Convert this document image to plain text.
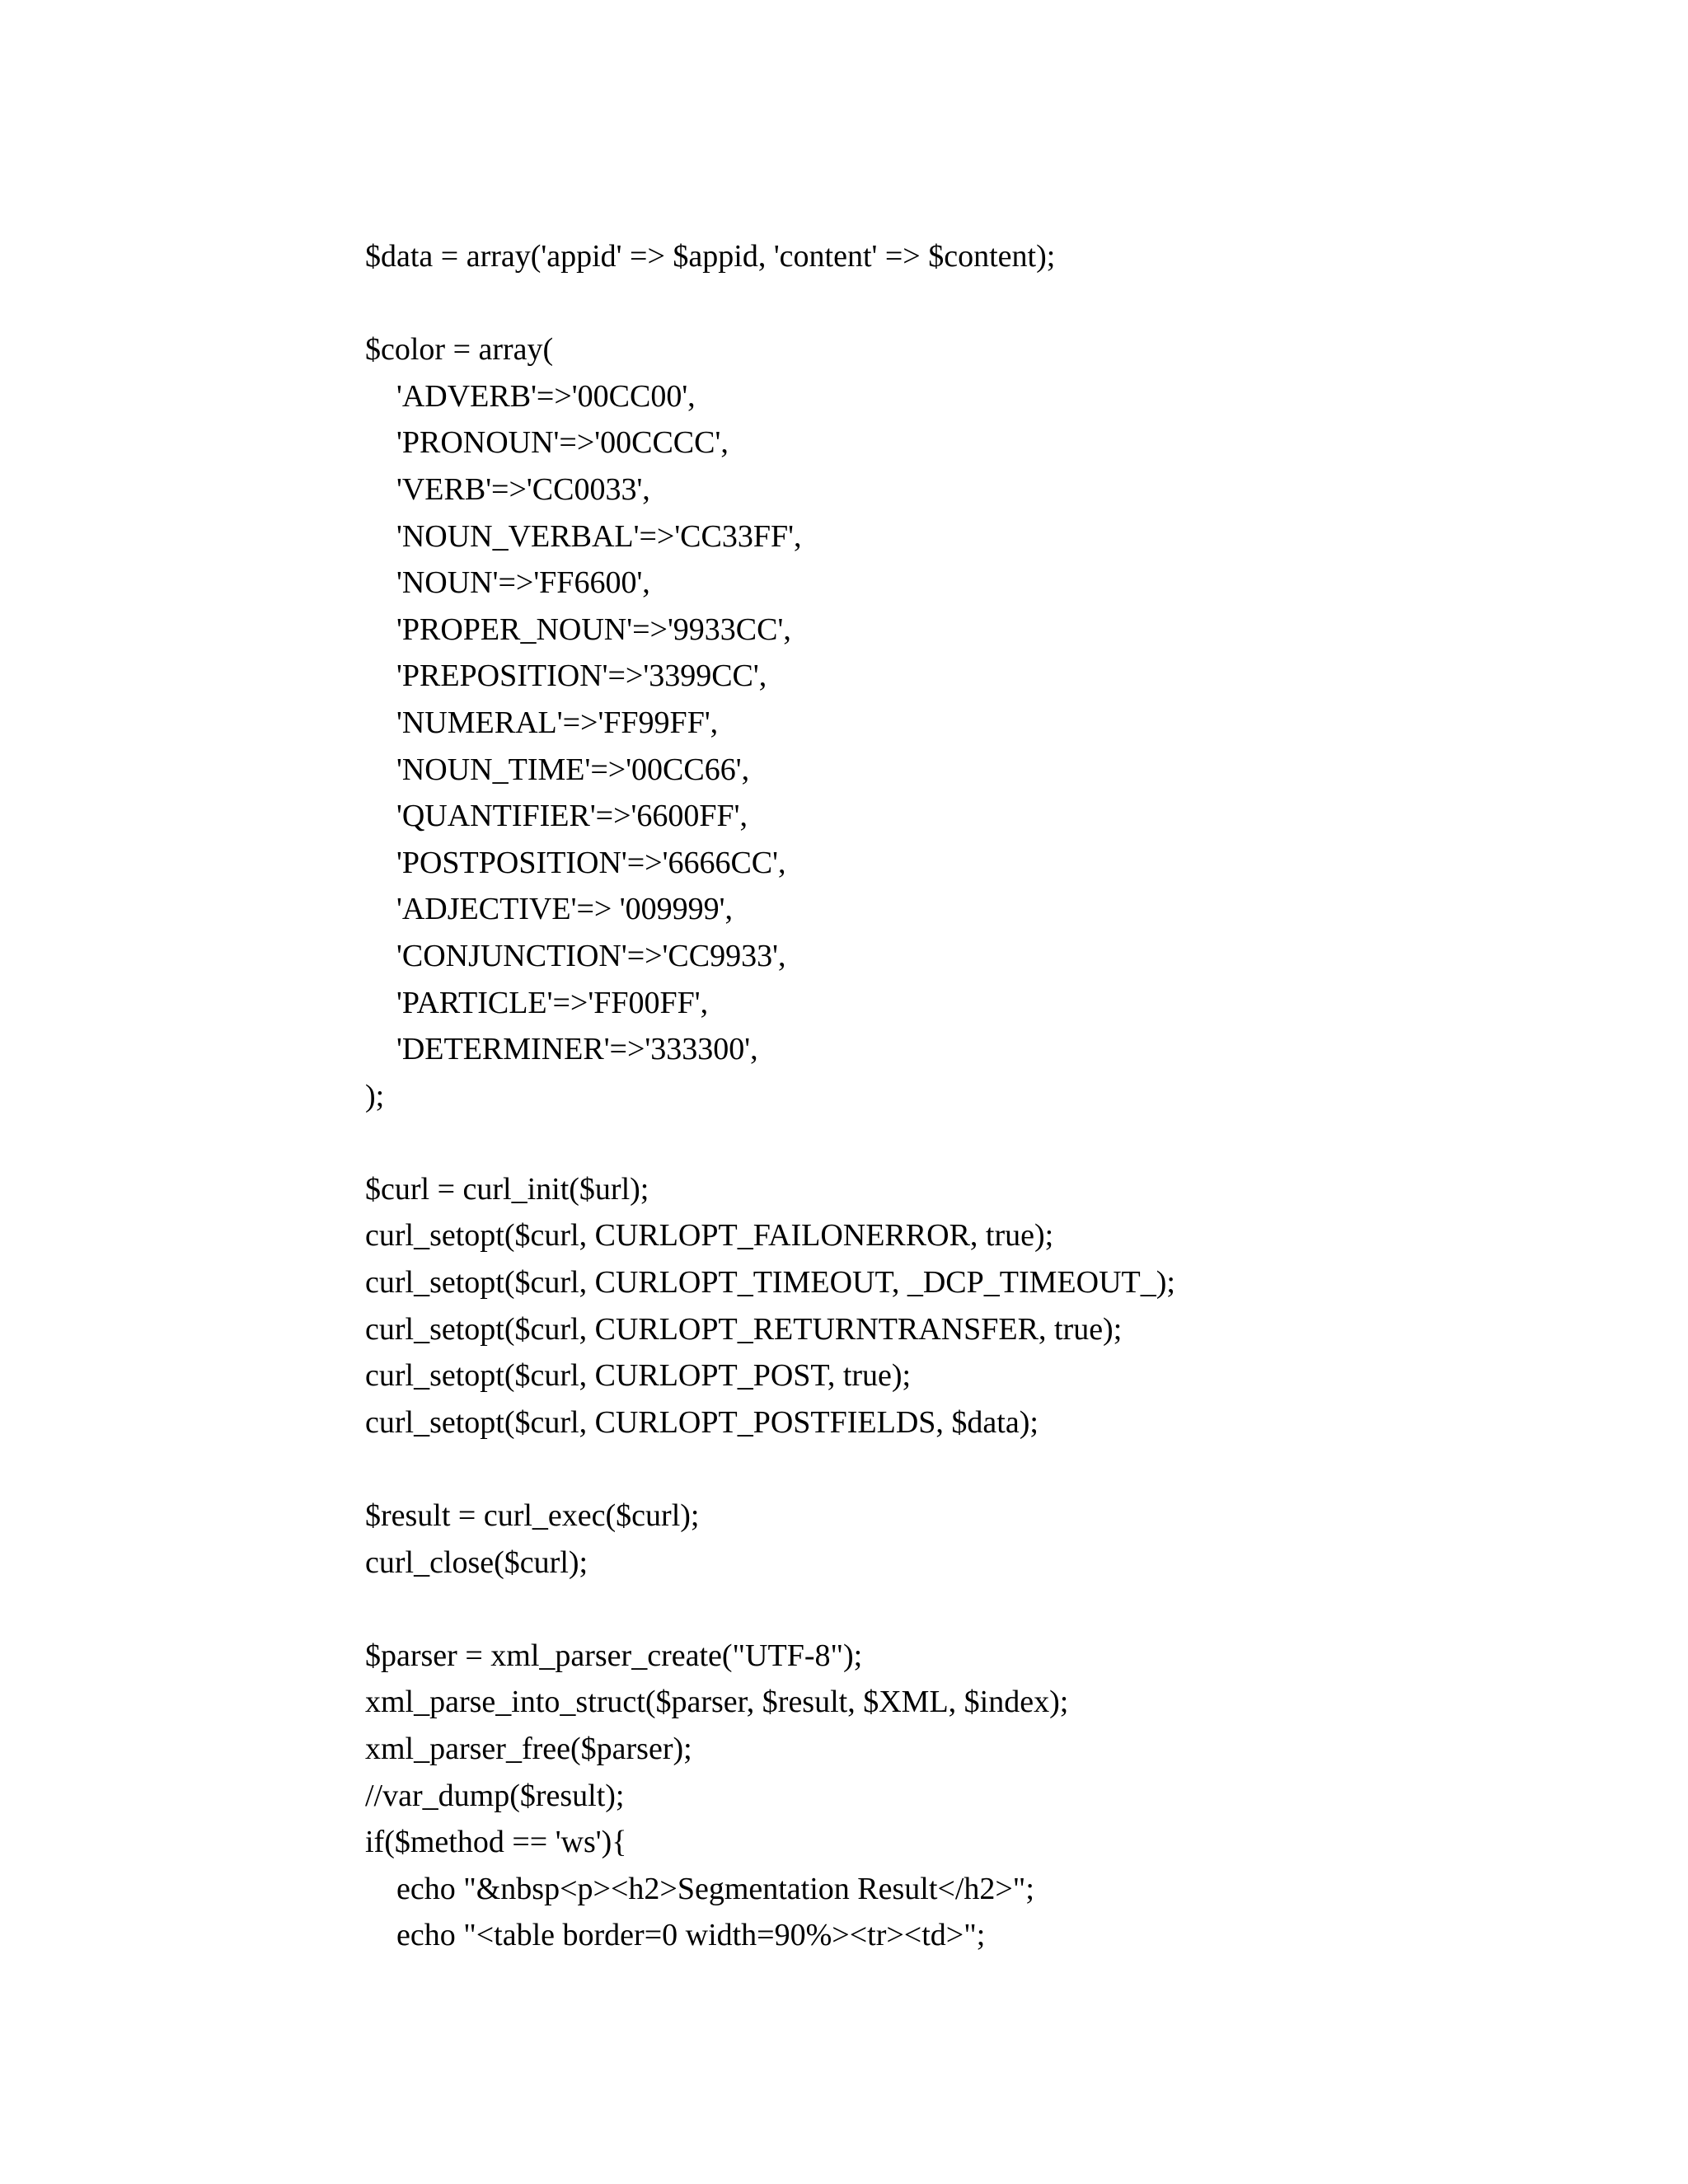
$data = array('appid' => $appid, 'content' => $content);
$color = array(
'ADVERB'=>'00CC00',
'PRONOUN'=>'00CCCC',
'VERB'=>'CC0033',
'NOUN_VERBAL'=>'CC33FF',
'NOUN'=>'FF6600',
'PROPER_NOUN'=>'9933CC',
'PREPOSITION'=>'3399CC',
'NUMERAL'=>'FF99FF',
'NOUN_TIME'=>'00CC66',
'QUANTIFIER'=>'6600FF',
'POSTPOSITION'=>'6666CC',
'ADJECTIVE'=> '009999',
'CONJUNCTION'=>'CC9933',
'PARTICLE'=>'FF00FF',
'DETERMINER'=>'333300',
);
$curl = curl_init($url);
curl_setopt($curl, CURLOPT_FAILONERROR, true);
curl_setopt($curl, CURLOPT_TIMEOUT, _DCP_TIMEOUT_);
curl_setopt($curl, CURLOPT_RETURNTRANSFER, true);
curl_setopt($curl, CURLOPT_POST, true);
curl_setopt($curl, CURLOPT_POSTFIELDS, $data);
$result = curl_exec($curl);
curl_close($curl);
$parser = xml_parser_create("UTF-8");
xml_parse_into_struct($parser, $result, $XML, $index);
xml_parser_free($parser);
//var_dump($result);
if($method == 'ws'){
echo "&nbsp<p><h2>Segmentation Result</h2>";
echo "<table border=0 width=90%><tr><td>";
